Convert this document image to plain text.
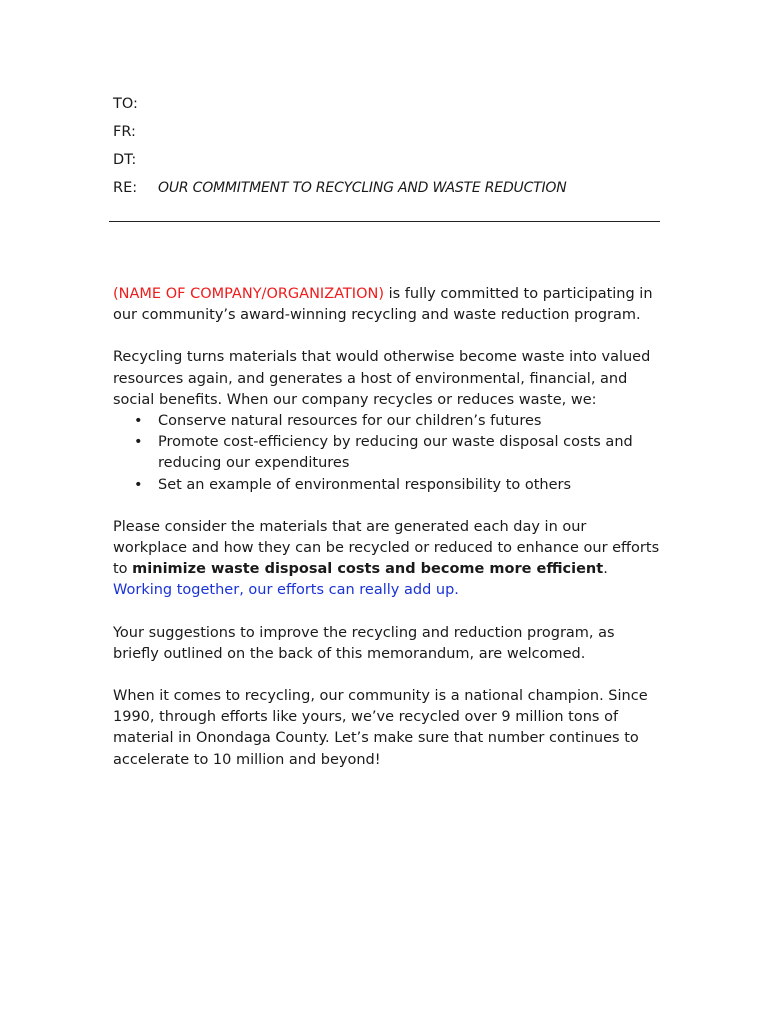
TO:
FR:
DT:
RE: OUR COMMITMENT TO RECYCLING AND WASTE REDUCTION

(NAME OF COMPANY/ORGANIZATION) is fully committed to participating in our community’s award-winning recycling and waste reduction program.

Recycling turns materials that would otherwise become waste into valued resources again, and generates a host of environmental, financial, and social benefits. When our company recycles or reduces waste, we:

• Conserve natural resources for our children’s futures
• Promote cost-efficiency by reducing our waste disposal costs and reducing our expenditures
• Set an example of environmental responsibility to others

Please consider the materials that are generated each day in our workplace and how they can be recycled or reduced to enhance our efforts to minimize waste disposal costs and become more efficient. Working together, our efforts can really add up.

Your suggestions to improve the recycling and reduction program, as briefly outlined on the back of this memorandum, are welcomed.

When it comes to recycling, our community is a national champion. Since 1990, through efforts like yours, we’ve recycled over 9 million tons of material in Onondaga County. Let’s make sure that number continues to accelerate to 10 million and beyond!
